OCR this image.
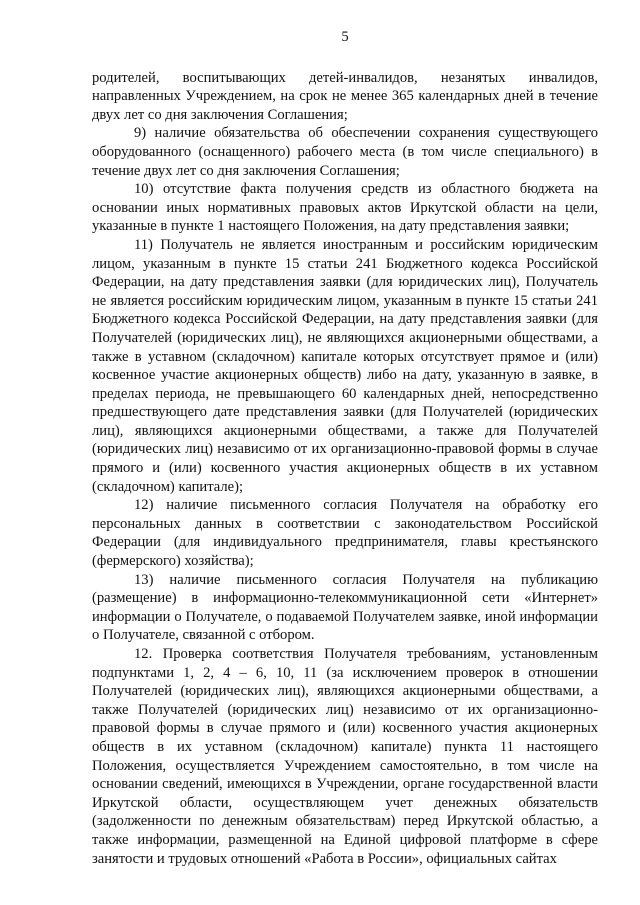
5

родителей, воспитывающих детей-инвалидов, незанятых инвалидов, направленных Учреждением, на срок не менее 365 календарных дней в течение двух лет со дня заключения Соглашения;

9) наличие обязательства об обеспечении сохранения существующего оборудованного (оснащенного) рабочего места (в том числе специального) в течение двух лет со дня заключения Соглашения;

10) отсутствие факта получения средств из областного бюджета на основании иных нормативных правовых актов Иркутской области на цели, указанные в пункте 1 настоящего Положения, на дату представления заявки;

11) Получатель не является иностранным и российским юридическим лицом, указанным в пункте 15 статьи 241 Бюджетного кодекса Российской Федерации, на дату представления заявки (для юридических лиц), Получатель не является российским юридическим лицом, указанным в пункте 15 статьи 241 Бюджетного кодекса Российской Федерации, на дату представления заявки (для Получателей (юридических лиц), не являющихся акционерными обществами, а также в уставном (складочном) капитале которых отсутствует прямое и (или) косвенное участие акционерных обществ) либо на дату, указанную в заявке, в пределах периода, не превышающего 60 календарных дней, непосредственно предшествующего дате представления заявки (для Получателей (юридических лиц), являющихся акционерными обществами, а также для Получателей (юридических лиц) независимо от их организационно-правовой формы в случае прямого и (или) косвенного участия акционерных обществ в их уставном (складочном) капитале);

12) наличие письменного согласия Получателя на обработку его персональных данных в соответствии с законодательством Российской Федерации (для индивидуального предпринимателя, главы крестьянского (фермерского) хозяйства);

13) наличие письменного согласия Получателя на публикацию (размещение) в информационно-телекоммуникационной сети «Интернет» информации о Получателе, о подаваемой Получателем заявке, иной информации о Получателе, связанной с отбором.

12. Проверка соответствия Получателя требованиям, установленным подпунктами 1, 2, 4 – 6, 10, 11 (за исключением проверок в отношении Получателей (юридических лиц), являющихся акционерными обществами, а также Получателей (юридических лиц) независимо от их организационно-правовой формы в случае прямого и (или) косвенного участия акционерных обществ в их уставном (складочном) капитале) пункта 11 настоящего Положения, осуществляется Учреждением самостоятельно, в том числе на основании сведений, имеющихся в Учреждении, органе государственной власти Иркутской области, осуществляющем учет денежных обязательств (задолженности по денежным обязательствам) перед Иркутской областью, а также информации, размещенной на Единой цифровой платформе в сфере занятости и трудовых отношений «Работа в России», официальных сайтах
